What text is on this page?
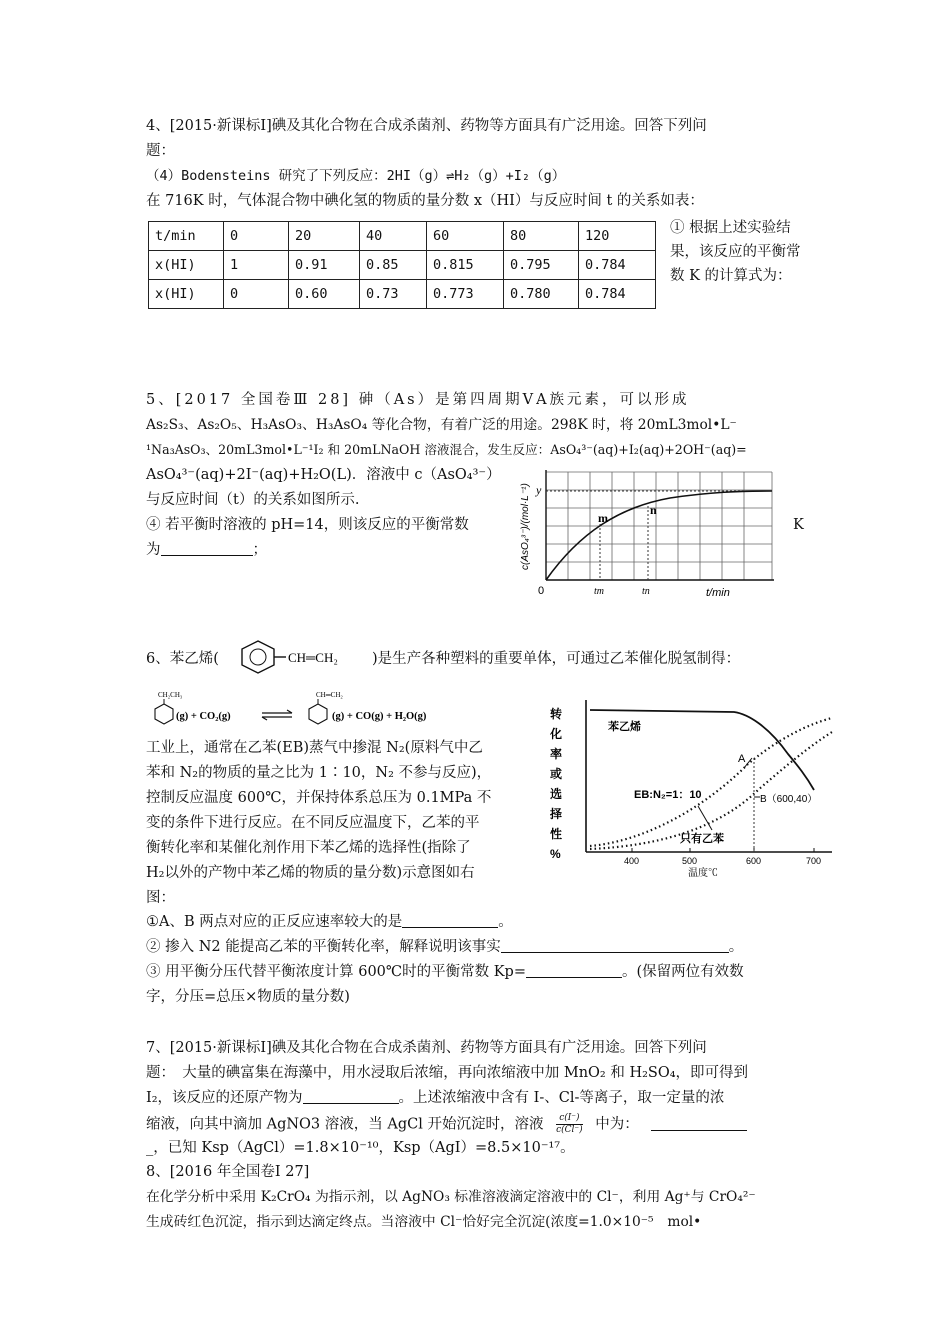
4、[2015·新课标Ⅰ]碘及其化合物在合成杀菌剂、药物等方面具有广泛用途。回答下列问
题：
（4）Bodensteins 研究了下列反应：2HI（g）⇌H₂（g）+I₂（g）
在 716K 时，气体混合物中碘化氢的物质的量分数 x（HI）与反应时间 t 的关系如表：
t/min	0	20	40	60	80	120
x(HI)	1	0.91	0.85	0.815	0.795	0.784
x(HI)	0	0.60	0.73	0.773	0.780	0.784
① 根据上述实验结果，该反应的平衡常数 K 的计算式为：
5、[2017 全国卷Ⅲ 28] 砷（As）是第四周期ⅤA族元素，可以形成
As₂S₃、As₂O₅、H₃AsO₃、H₃AsO₄ 等化合物，有着广泛的用途。298K 时，将 20mL3mol•L⁻
¹Na₃AsO₃、20mL3mol•L⁻¹I₂ 和 20mLNaOH 溶液混合，发生反应：AsO₄³⁻(aq)+I₂(aq)+2OH⁻(aq)=
AsO₄³⁻(aq)+2I⁻(aq)+H₂O(L)．溶液中 c（AsO₄³⁻）
与反应时间（t）的关系如图所示.
④ 若平衡时溶液的 pH=14，则该反应的平衡常数	K
为	；	c(AsO₄³⁻)/(mol·L⁻¹) y
0
m
n
tm	tn	t/min
6、苯乙烯(	CH═CH₂ )是生产各种塑料的重要单体，可通过乙苯催化脱氢制得：
CH₂CH₃
(g) + CO₂(g)
CH═CH₂
(g) + CO(g) + H₂O(g)
工业上，通常在乙苯(EB)蒸气中掺混 N₂(原料气中乙
苯和 N₂的物质的量之比为 1∶10，N₂ 不参与反应)，
控制反应温度 600℃，并保持体系总压为 0.1MPa 不
变的条件下进行反应。在不同反应温度下，乙苯的平
衡转化率和某催化剂作用下苯乙烯的选择性(指除了
H₂以外的产物中苯乙烯的物质的量分数)示意图如右
图：
①A、B 两点对应的正反应速率较大的是	。
② 掺入 N2 能提高乙苯的平衡转化率，解释说明该事实	。
③ 用平衡分压代替平衡浓度计算 600℃时的平衡常数 Kp=	。(保留两位有效数
字，分压=总压×物质的量分数)
转
化
率
或
选
择
性
%
苯乙烯
EB:N₂=1：10
只有乙苯
A
B（600,40）
400	500	600	700
温度℃
7、[2015·新课标Ⅰ]碘及其化合物在合成杀菌剂、药物等方面具有广泛用途。回答下列问
题：　大量的碘富集在海藻中，用水浸取后浓缩，再向浓缩液中加 MnO₂ 和 H₂SO₄，即可得到
I₂，该反应的还原产物为	。上述浓缩液中含有 I-、Cl-等离子，取一定量的浓
缩液，向其中滴加 AgNO3 溶液，当 AgCl 开始沉淀时，溶液 $\frac{c(I^-)}{c(Cl^-)}$ 中为：
_，已知 Ksp（AgCl）=1.8×10⁻¹⁰，Ksp（AgI）=8.5×10⁻¹⁷。
8、[2016 年全国卷Ⅰ 27]
在化学分析中采用 K₂CrO₄ 为指示剂，以 AgNO₃ 标准溶液滴定溶液中的 Cl⁻，利用 Ag⁺与 CrO₄²⁻
生成砖红色沉淀，指示到达滴定终点。当溶液中 Cl⁻恰好完全沉淀(浓度=1.0×10⁻⁵　mol•
